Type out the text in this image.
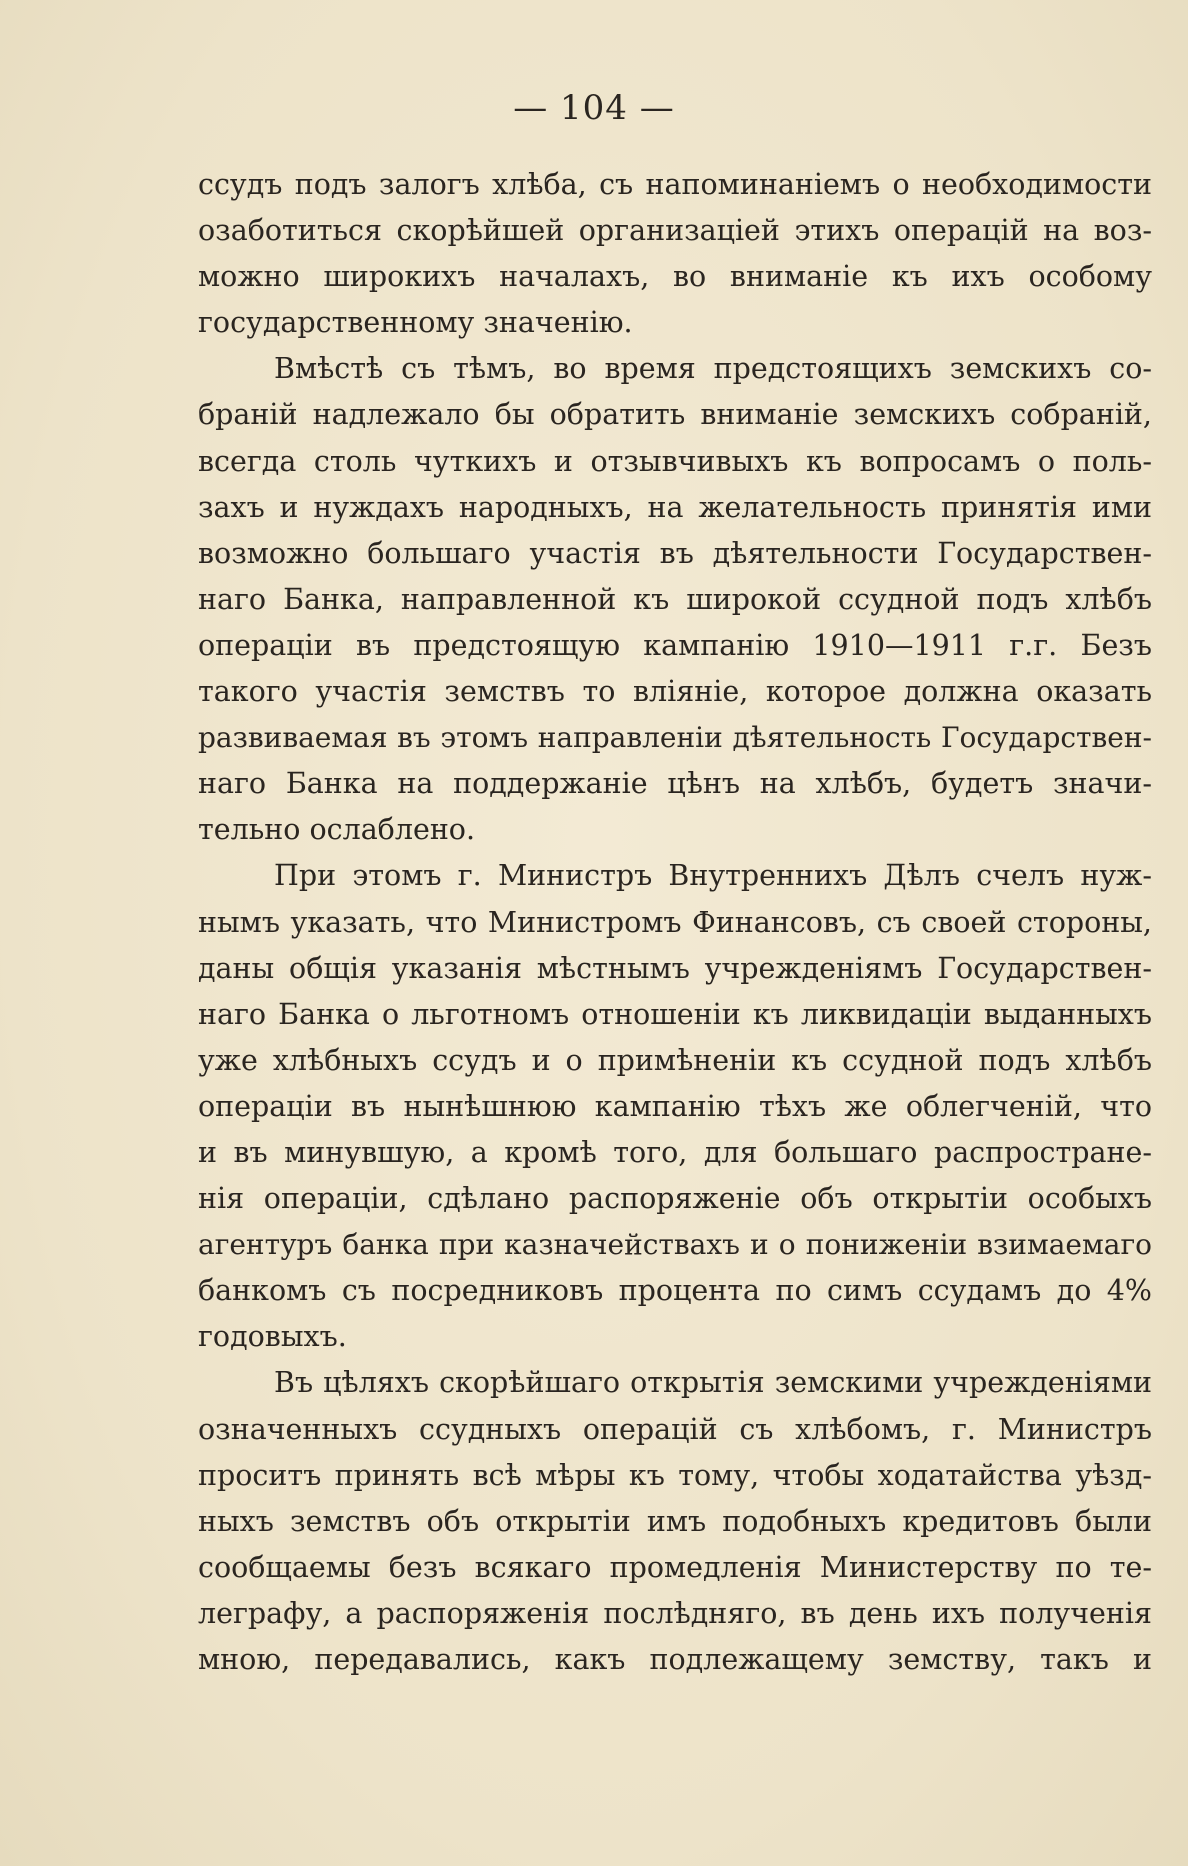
— 104 —
ссудъ подъ залогъ хлѣба, съ напоминаніемъ о необходимости
озаботиться скорѣйшей организаціей этихъ операцій на воз-
можно широкихъ началахъ, во вниманіе къ ихъ особому
государственному значенію.
Вмѣстѣ съ тѣмъ, во время предстоящихъ земскихъ со-
браній надлежало бы обратить вниманіе земскихъ собраній,
всегда столь чуткихъ и отзывчивыхъ къ вопросамъ о поль-
захъ и нуждахъ народныхъ, на желательность принятія ими
возможно большаго участія въ дѣятельности Государствен-
наго Банка, направленной къ широкой ссудной подъ хлѣбъ
операціи въ предстоящую кампанію 1910—1911 г.г. Безъ
такого участія земствъ то вліяніе, которое должна оказать
развиваемая въ этомъ направленіи дѣятельность Государствен-
наго Банка на поддержаніе цѣнъ на хлѣбъ, будетъ значи-
тельно ослаблено.
При этомъ г. Министръ Внутреннихъ Дѣлъ счелъ нуж-
нымъ указать, что Министромъ Финансовъ, съ своей стороны,
даны общія указанія мѣстнымъ учрежденіямъ Государствен-
наго Банка о льготномъ отношеніи къ ликвидаціи выданныхъ
уже хлѣбныхъ ссудъ и о примѣненіи къ ссудной подъ хлѣбъ
операціи въ нынѣшнюю кампанію тѣхъ же облегченій, что
и въ минувшую, а кромѣ того, для большаго распростране-
нія операціи, сдѣлано распоряженіе объ открытіи особыхъ
агентуръ банка при казначействахъ и о пониженіи взимаемаго
банкомъ съ посредниковъ процента по симъ ссудамъ до 4%
годовыхъ.
Въ цѣляхъ скорѣйшаго открытія земскими учрежденіями
означенныхъ ссудныхъ операцій съ хлѣбомъ, г. Министръ
проситъ принять всѣ мѣры къ тому, чтобы ходатайства уѣзд-
ныхъ земствъ объ открытіи имъ подобныхъ кредитовъ были
сообщаемы безъ всякаго промедленія Министерству по те-
леграфу, а распоряженія послѣдняго, въ день ихъ полученія
мною, передавались, какъ подлежащему земству, такъ и
